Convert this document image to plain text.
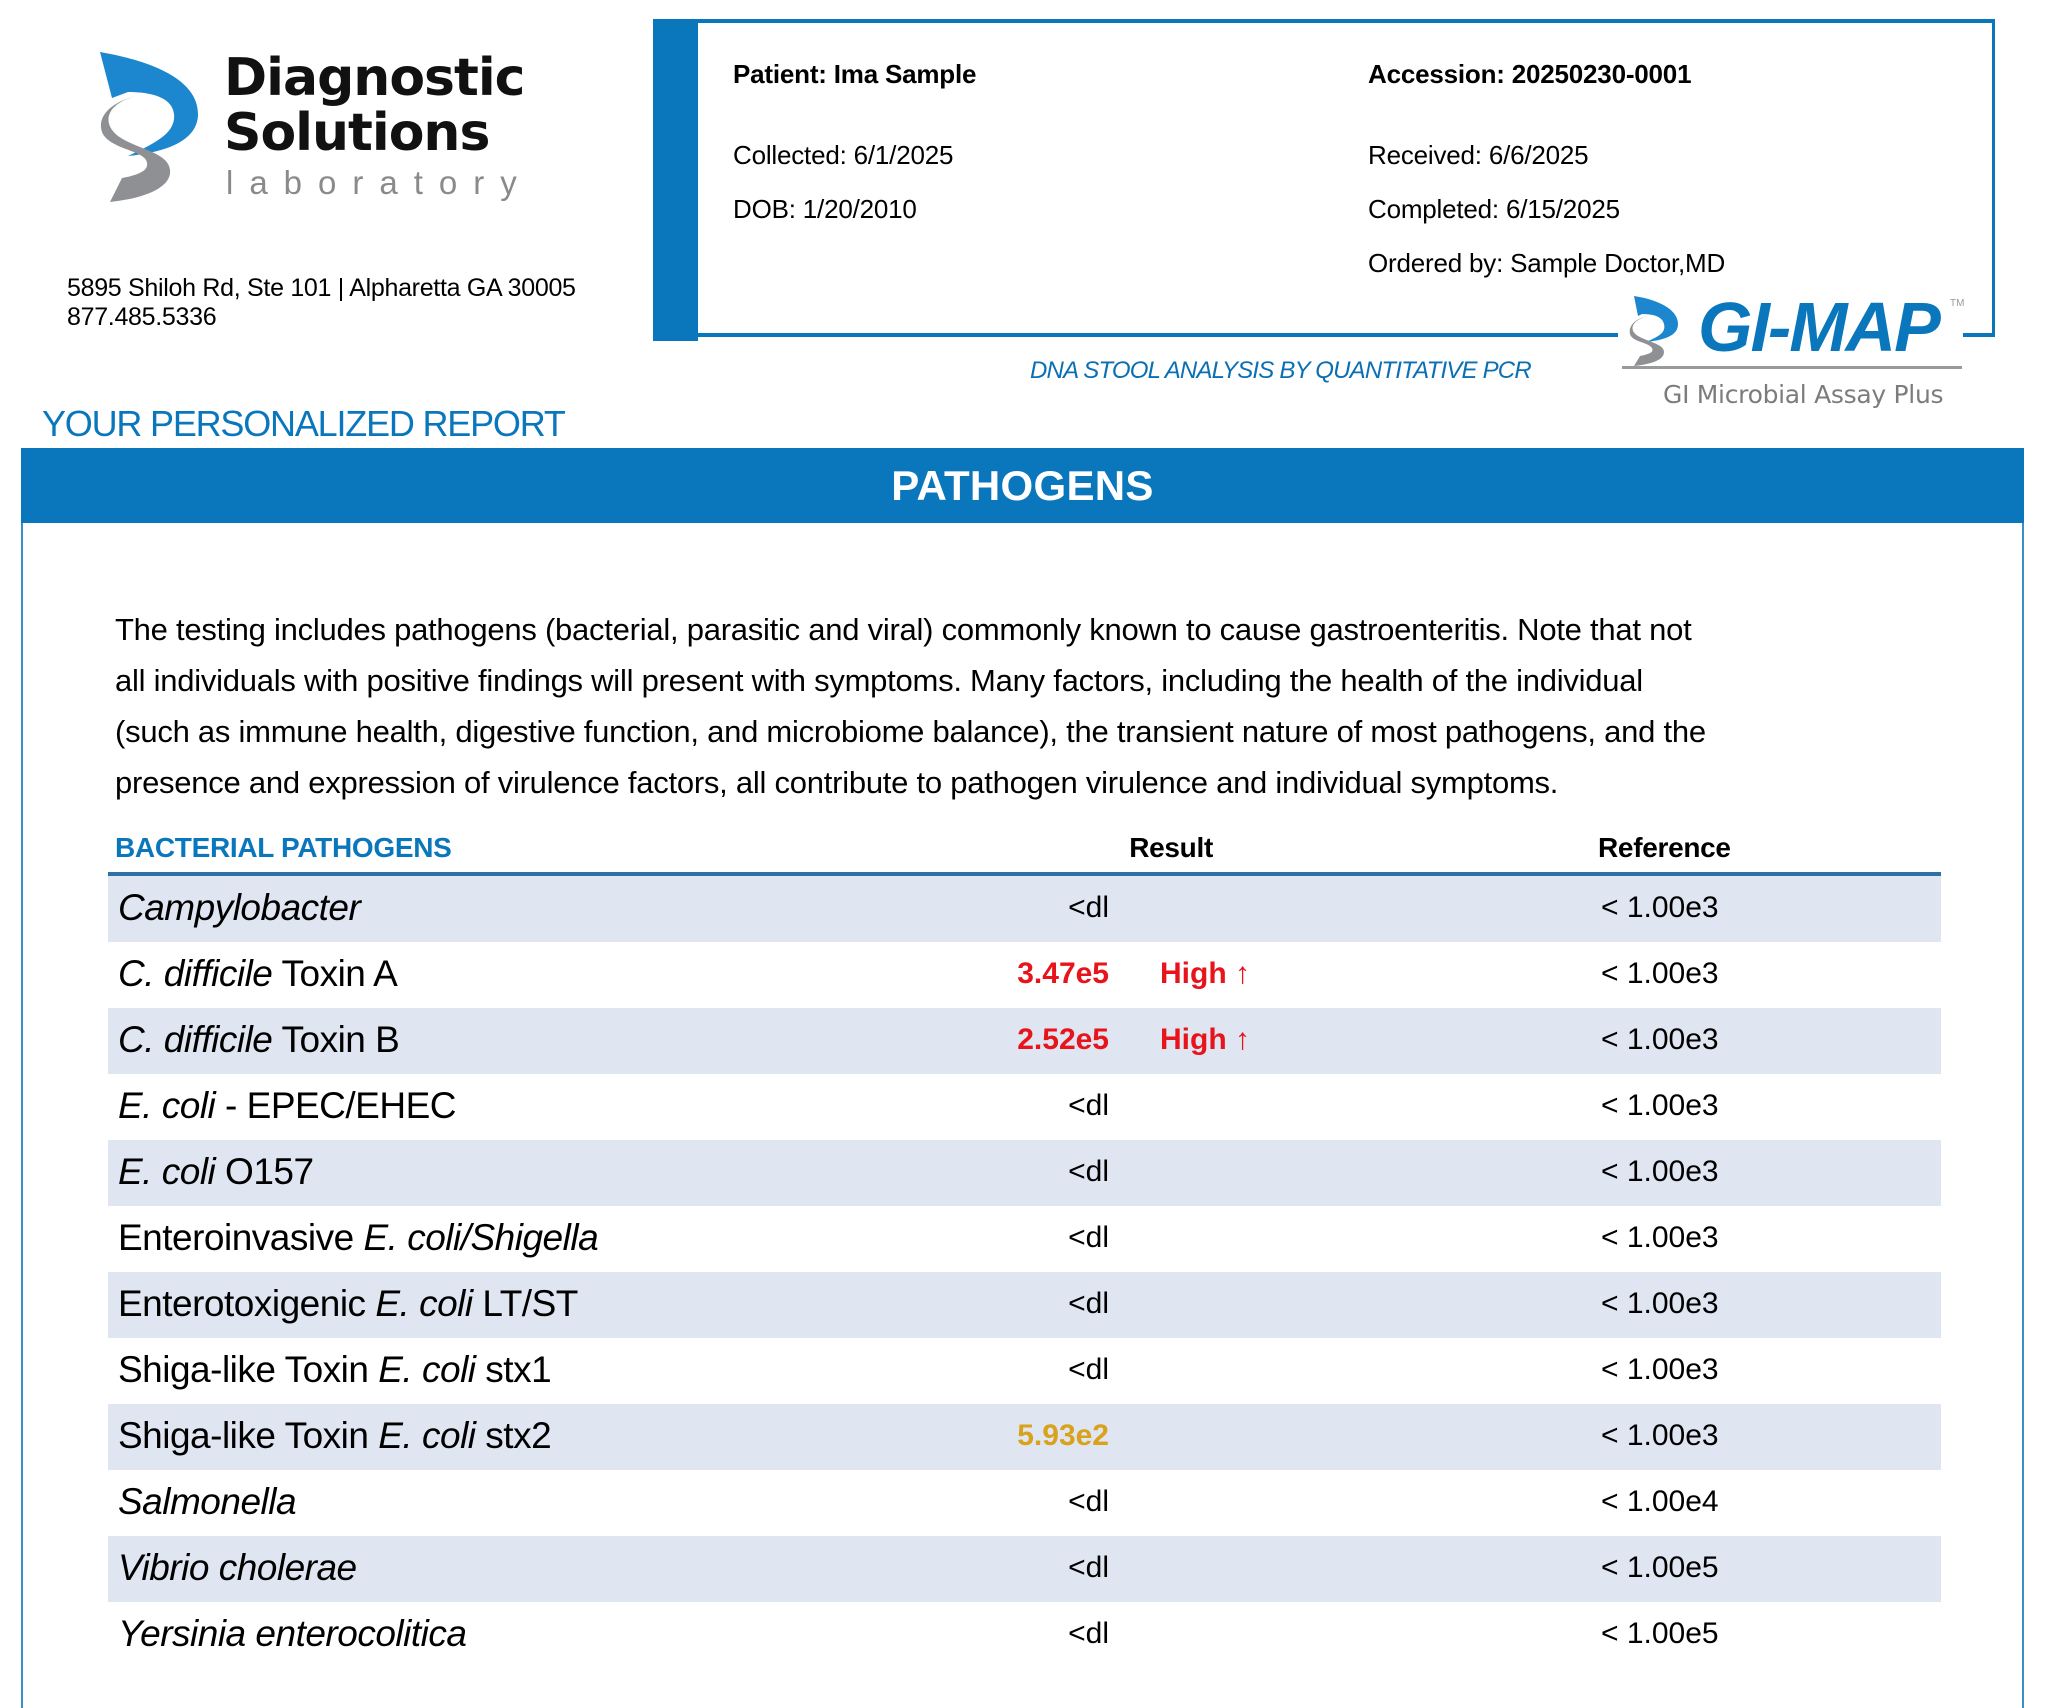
Diagnostic
Solutions
laboratory
5895 Shiloh Rd, Ste 101 | Alpharetta GA 30005
877.485.5336
Patient: Ima Sample
Collected: 6/1/2025
DOB: 1/20/2010
Accession: 20250230-0001
Received: 6/6/2025
Completed: 6/15/2025
Ordered by: Sample Doctor,MD
GI-MAP TM
GI Microbial Assay Plus
DNA STOOL ANALYSIS BY QUANTITATIVE PCR
YOUR PERSONALIZED REPORT
PATHOGENS
The testing includes pathogens (bacterial, parasitic and viral) commonly known to cause gastroenteritis. Note that not
all individuals with positive findings will present with symptoms. Many factors, including the health of the individual
(such as immune health, digestive function, and microbiome balance), the transient nature of most pathogens, and the
presence and expression of virulence factors, all contribute to pathogen virulence and individual symptoms.
BACTERIAL PATHOGENS	Result	Reference
Campylobacter	<dl	< 1.00e3
C. difficile Toxin A	3.47e5 High ↑	< 1.00e3
C. difficile Toxin B	2.52e5 High ↑	< 1.00e3
E. coli - EPEC/EHEC	<dl	< 1.00e3
E. coli O157	<dl	< 1.00e3
Enteroinvasive E. coli/Shigella	<dl	< 1.00e3
Enterotoxigenic E. coli LT/ST	<dl	< 1.00e3
Shiga-like Toxin E. coli stx1	<dl	< 1.00e3
Shiga-like Toxin E. coli stx2	5.93e2	< 1.00e3
Salmonella	<dl	< 1.00e4
Vibrio cholerae	<dl	< 1.00e5
Yersinia enterocolitica	<dl	< 1.00e5
